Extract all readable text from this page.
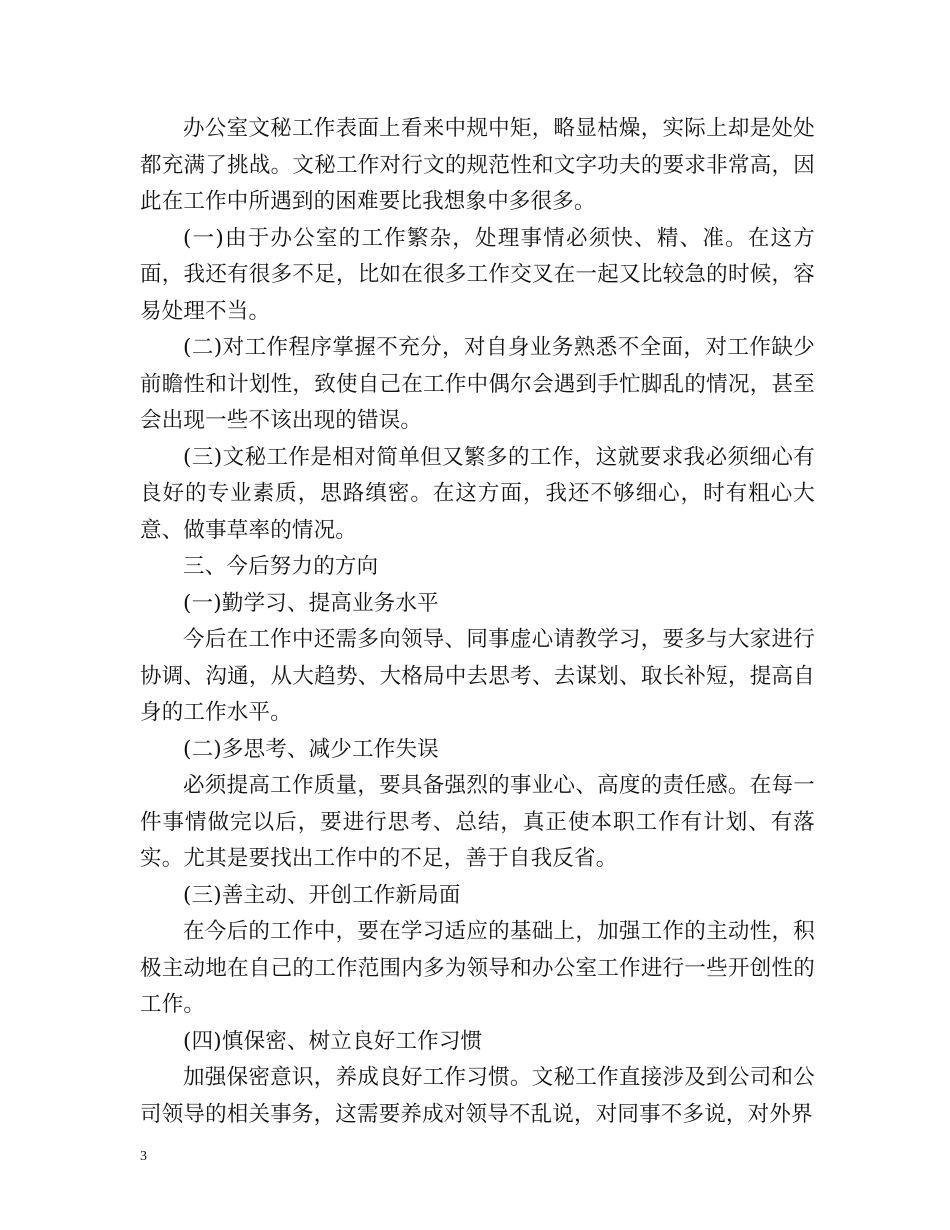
办公室文秘工作表面上看来中规中矩，略显枯燥，实际上却是处处都充满了挑战。文秘工作对行文的规范性和文字功夫的要求非常高，因此在工作中所遇到的困难要比我想象中多很多。

(一)由于办公室的工作繁杂，处理事情必须快、精、准。在这方面，我还有很多不足，比如在很多工作交叉在一起又比较急的时候，容易处理不当。

(二)对工作程序掌握不充分，对自身业务熟悉不全面，对工作缺少前瞻性和计划性，致使自己在工作中偶尔会遇到手忙脚乱的情况，甚至会出现一些不该出现的错误。

(三)文秘工作是相对简单但又繁多的工作，这就要求我必须细心有良好的专业素质，思路缜密。在这方面，我还不够细心，时有粗心大意、做事草率的情况。

三、今后努力的方向

(一)勤学习、提高业务水平

今后在工作中还需多向领导、同事虚心请教学习，要多与大家进行协调、沟通，从大趋势、大格局中去思考、去谋划、取长补短，提高自身的工作水平。

(二)多思考、减少工作失误

必须提高工作质量，要具备强烈的事业心、高度的责任感。在每一件事情做完以后，要进行思考、总结，真正使本职工作有计划、有落实。尤其是要找出工作中的不足，善于自我反省。

(三)善主动、开创工作新局面

在今后的工作中，要在学习适应的基础上，加强工作的主动性，积极主动地在自己的工作范围内多为领导和办公室工作进行一些开创性的工作。

(四)慎保密、树立良好工作习惯

加强保密意识，养成良好工作习惯。文秘工作直接涉及到公司和公司领导的相关事务，这需要养成对领导不乱说，对同事不多说，对外界

3
